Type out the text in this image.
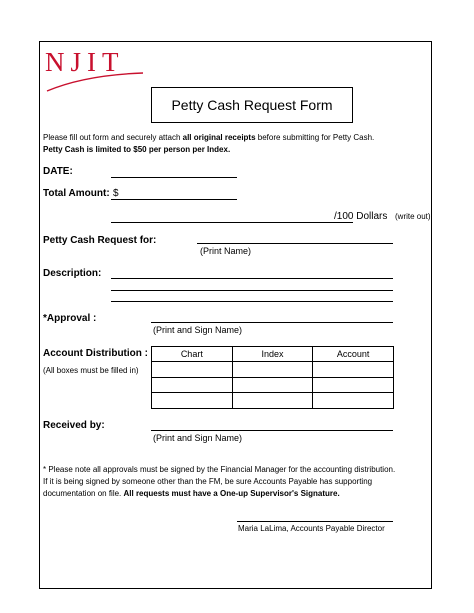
NJIT
Petty Cash Request Form
Please fill out form and securely attach all original receipts before submitting for Petty Cash.
Petty Cash is limited to $50 per person per Index.
DATE:
Total Amount: $
/100 Dollars (write out)
Petty Cash Request for:
(Print Name)
Description:
*Approval :
(Print and Sign Name)
Account Distribution :
(All boxes must be filled in)
Chart	Index	Account

Received by:
(Print and Sign Name)
* Please note all approvals must be signed by the Financial Manager for the accounting distribution.
If it is being signed by someone other than the FM, be sure Accounts Payable has supporting
documentation on file. All requests must have a One-up Supervisor's Signature.
Maria LaLima, Accounts Payable Director
